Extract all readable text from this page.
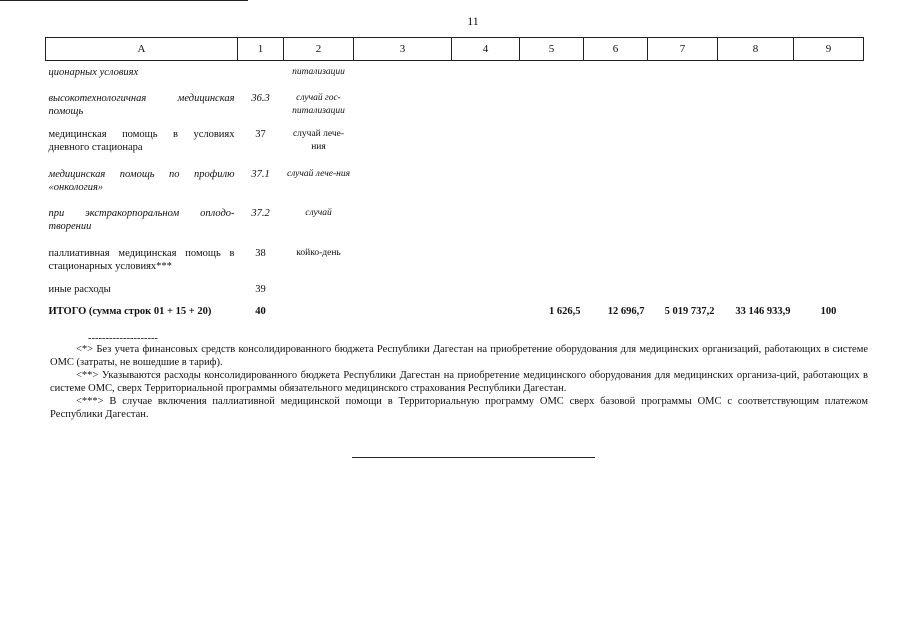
11
А	1	2	3	4	5	6	7	8	9
ционарных условиях		питализации							
высокотехнологичная медицинская помощь	36.3	случай гос-питализации							
медицинская помощь в условиях дневного стационара	37	случай лече-ния							
медицинская помощь по профилю «онкология»	37.1	случай лече-ния							
при экстракорпоральном оплодо-творении	37.2	случай							
паллиативная медицинская помощь в стационарных условиях***	38	койко-день							
иные расходы	39								
ИТОГО (сумма строк 01 + 15 + 20)	40				1 626,5	12 696,7	5 019 737,2	33 146 933,9	100
--------------------

<*> Без учета финансовых средств консолидированного бюджета Республики Дагестан на приобретение оборудования для медицинских организаций, работающих в системе ОМС (затраты, не вошедшие в тариф).

<**> Указываются расходы консолидированного бюджета Республики Дагестан на приобретение медицинского оборудования для медицинских организа-ций, работающих в системе ОМС, сверх Территориальной программы обязательного медицинского страхования Республики Дагестан.

<***> В случае включения паллиативной медицинской помощи в Территориальную программу ОМС сверх базовой программы ОМС с соответствующим платежом Республики Дагестан.
